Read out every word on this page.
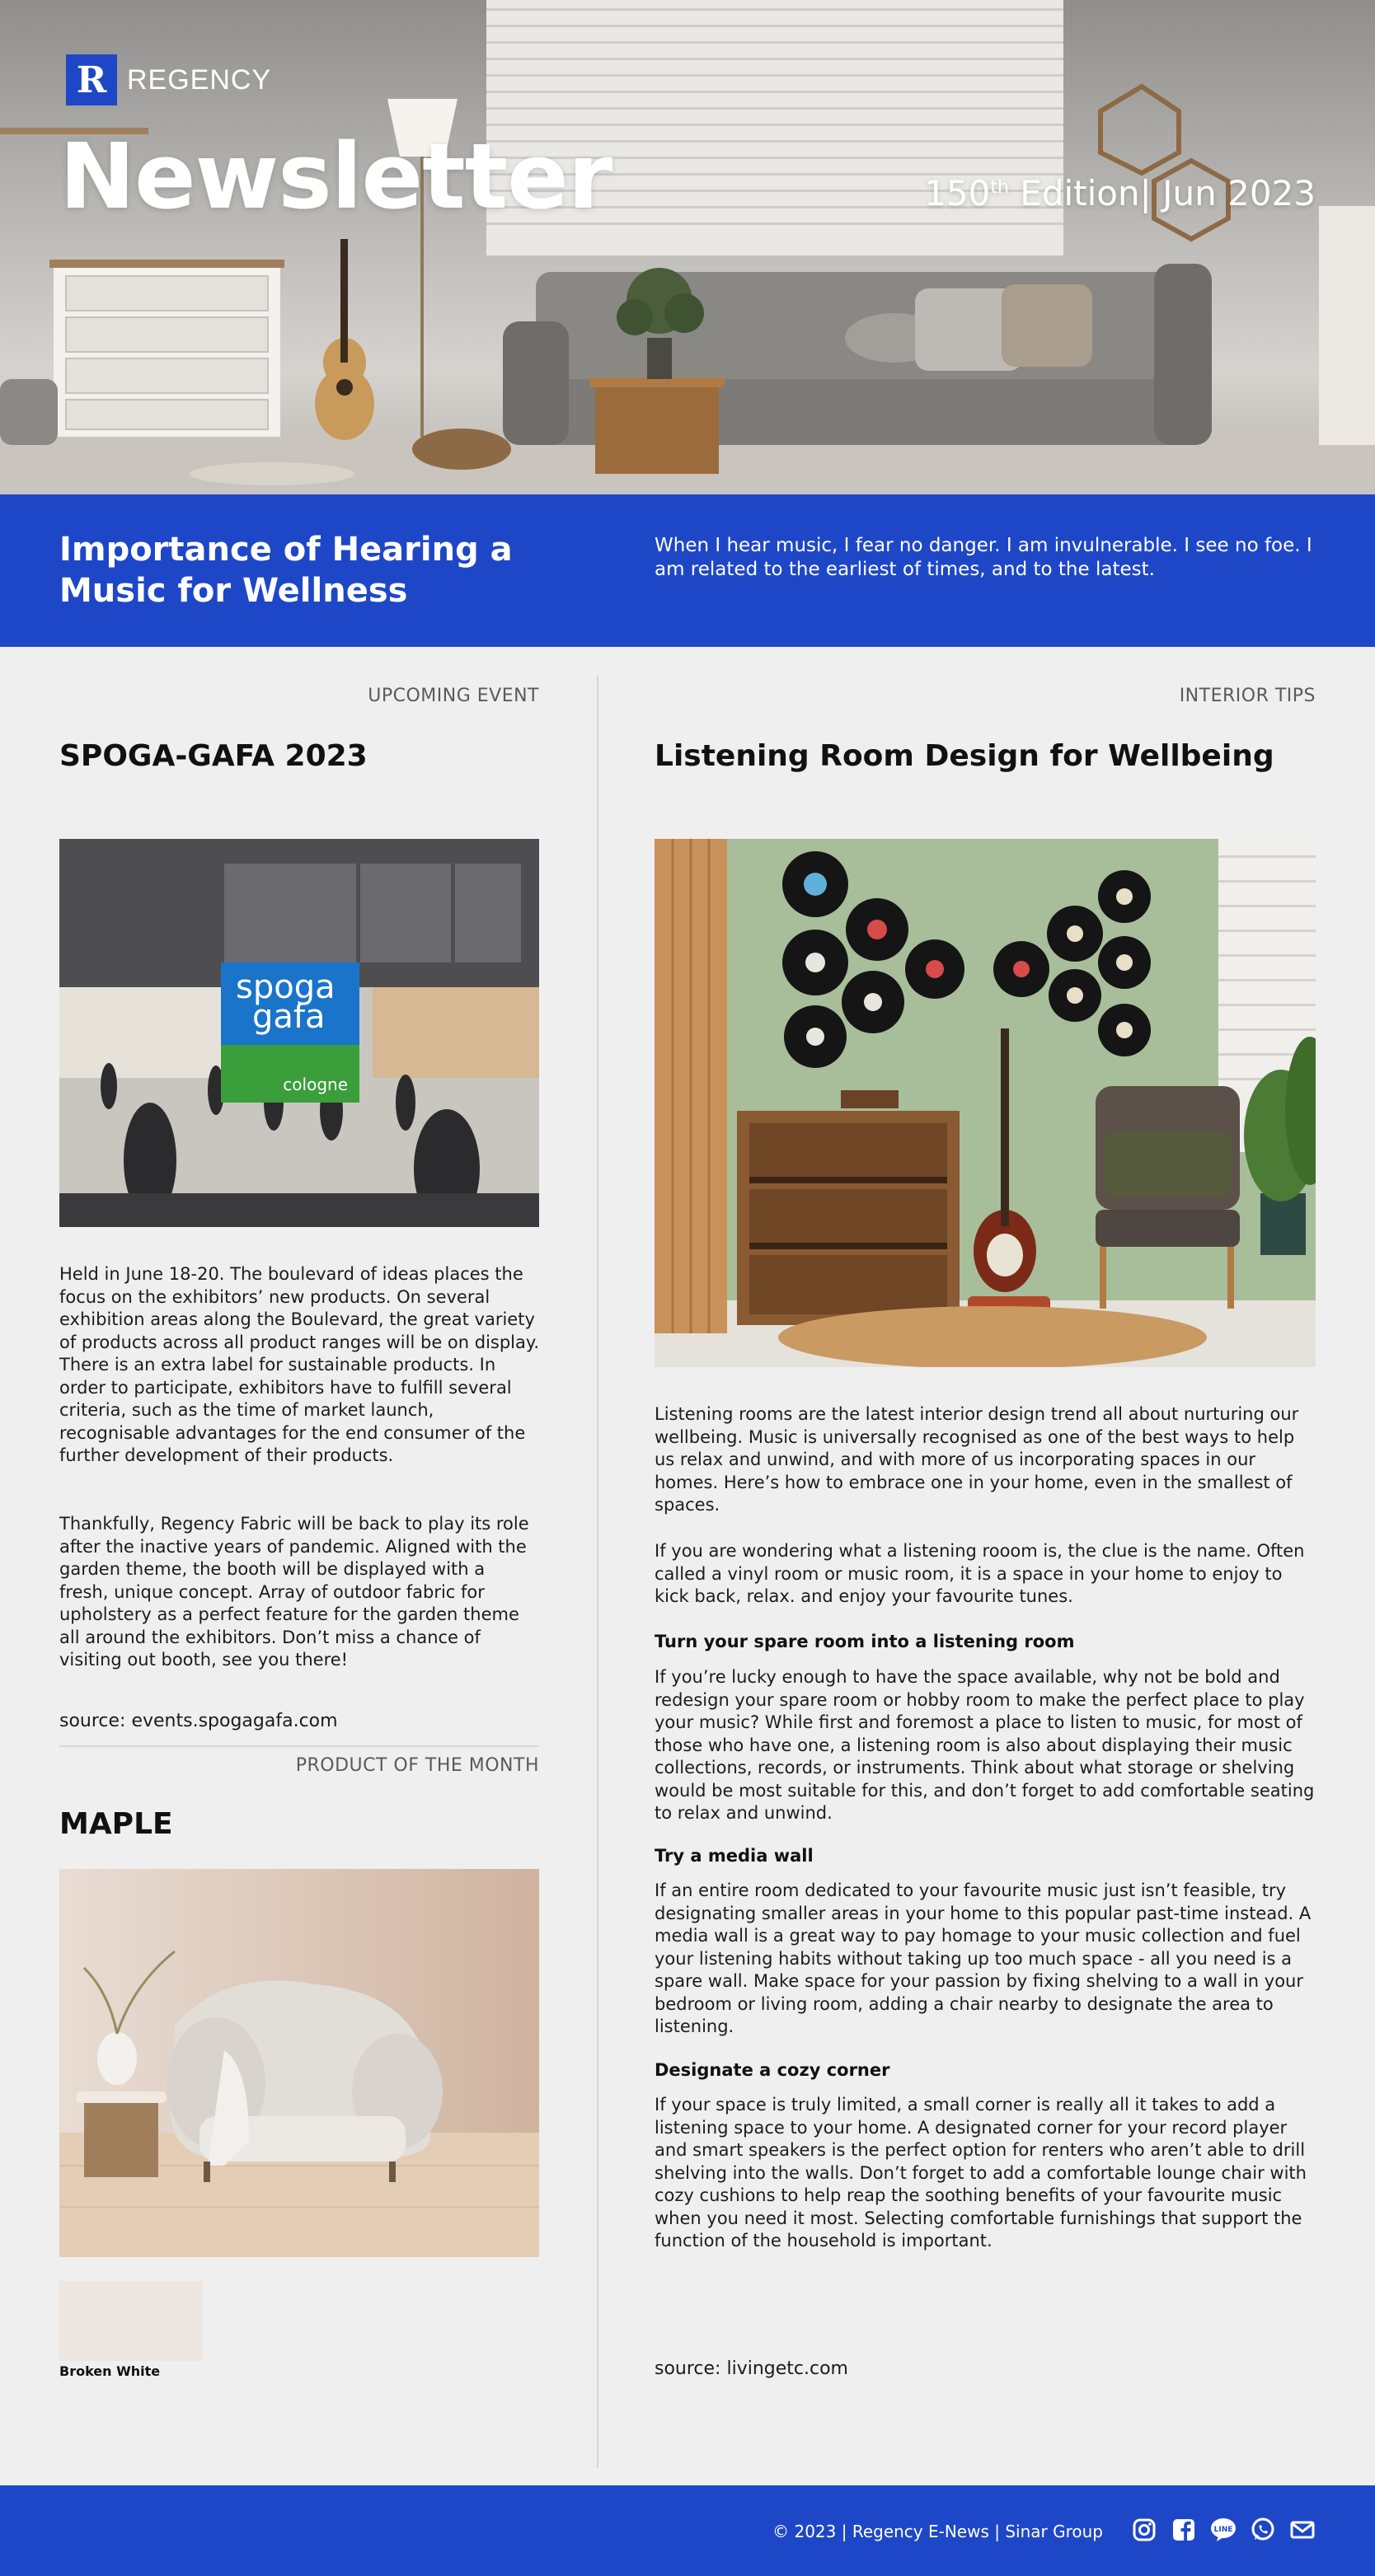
R REGENCY
Newsletter	150th Edition| Jun 2023
Importance of Hearing a Music for Wellness
When I hear music, I fear no danger. I am invulnerable. I see no foe. I am related to the earliest of times, and to the latest.
UPCOMING EVENT
SPOGA-GAFA 2023
spoga
gafa
cologne
Held in June 18-20. The boulevard of ideas places the focus on the exhibitors’ new products. On several exhibition areas along the Boulevard, the great variety of products across all product ranges will be on display. There is an extra label for sustainable products. In order to participate, exhibitors have to fulfill several criteria, such as the time of market launch, recognisable advantages for the end consumer of the further development of their products.
Thankfully, Regency Fabric will be back to play its role after the inactive years of pandemic. Aligned with the garden theme, the booth will be displayed with a fresh, unique concept. Array of outdoor fabric for upholstery as a perfect feature for the garden theme all around the exhibitors. Don’t miss a chance of visiting out booth, see you there!
source: events.spogagafa.com
PRODUCT OF THE MONTH
MAPLE
Broken White
INTERIOR TIPS
Listening Room Design for Wellbeing
Listening rooms are the latest interior design trend all about nurturing our wellbeing. Music is universally recognised as one of the best ways to help us relax and unwind, and with more of us incorporating spaces in our homes. Here’s how to embrace one in your home, even in the smallest of spaces.
If you are wondering what a listening rooom is, the clue is the name. Often called a vinyl room or music room, it is a space in your home to enjoy to kick back, relax. and enjoy your favourite tunes.
Turn your spare room into a listening room
If you’re lucky enough to have the space available, why not be bold and redesign your spare room or hobby room to make the perfect place to play your music? While first and foremost a place to listen to music, for most of those who have one, a listening room is also about displaying their music collections, records, or instruments. Think about what storage or shelving would be most suitable for this, and don’t forget to add comfortable seating to relax and unwind.
Try a media wall
If an entire room dedicated to your favourite music just isn’t feasible, try designating smaller areas in your home to this popular past-time instead. A media wall is a great way to pay homage to your music collection and fuel your listening habits without taking up too much space - all you need is a spare wall. Make space for your passion by fixing shelving to a wall in your bedroom or living room, adding a chair nearby to designate the area to listening.
Designate a cozy corner
If your space is truly limited, a small corner is really all it takes to add a listening space to your home. A designated corner for your record player and smart speakers is the perfect option for renters who aren’t able to drill shelving into the walls. Don’t forget to add a comfortable lounge chair with cozy cushions to help reap the soothing benefits of your favourite music when you need it most. Selecting comfortable furnishings that support the function of the household is important.
source: livingetc.com
© 2023 | Regency E-News | Sinar Group	LINE
